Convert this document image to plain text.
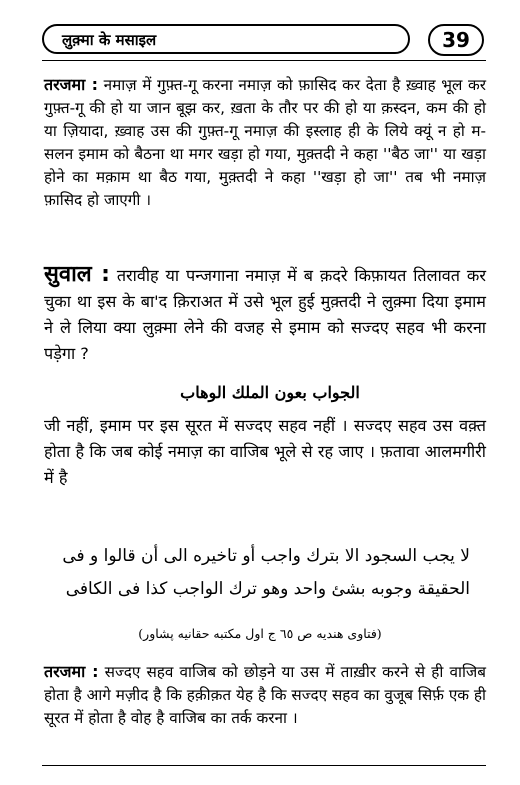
लुक़्मा के मसाइल	39

तरजमा : नमाज़ में गुफ़्त-गू करना नमाज़ को फ़ासिद कर देता है ख़्वाह भूल कर गुफ़्त-गू की हो या जान बूझ कर, ख़ता के तौर पर की हो या क़स्दन, कम की हो या ज़ियादा, ख़्वाह उस की गुफ़्त-गू नमाज़ की इस्लाह ही के लिये क्यूं न हो म-सलन इमाम को बैठना था मगर खड़ा हो गया, मुक़्तदी ने कहा ''बैठ जा'' या खड़ा होने का मक़ाम था बैठ गया, मुक़्तदी ने कहा ''खड़ा हो जा'' तब भी नमाज़ फ़ासिद हो जाएगी ।

सुवाल : तरावीह या पन्जगाना नमाज़ में ब क़दरे किफ़ायत तिलावत कर चुका था इस के बा'द क़िराअत में उसे भूल हुई मुक़्तदी ने लुक़्मा दिया इमाम ने ले लिया क्या लुक़्मा लेने की वजह से इमाम को सज्दए सहव भी करना पड़ेगा ?

الجواب بعون الملك الوهاب

जी नहीं, इमाम पर इस सूरत में सज्दए सहव नहीं । सज्दए सहव उस वक़्त होता है कि जब कोई नमाज़ का वाजिब भूले से रह जाए । फ़तावा आलमगीरी में है

لا يجب السجود الا بترك واجب أو تاخيره الى أن قالوا و فى
الحقيقة وجوبه بشئ واحد وهو ترك الواجب كذا فى الكافى
(فتاوى هنديه ص ٦٥ ج اول مكتبه حقانيه پشاور)

तरजमा : सज्दए सहव वाजिब को छोड़ने या उस में ताख़ीर करने से ही वाजिब होता है आगे मज़ीद है कि हक़ीक़त येह है कि सज्दए सहव का वुजूब सिर्फ़ एक ही सूरत में होता है वोह है वाजिब का तर्क करना ।
